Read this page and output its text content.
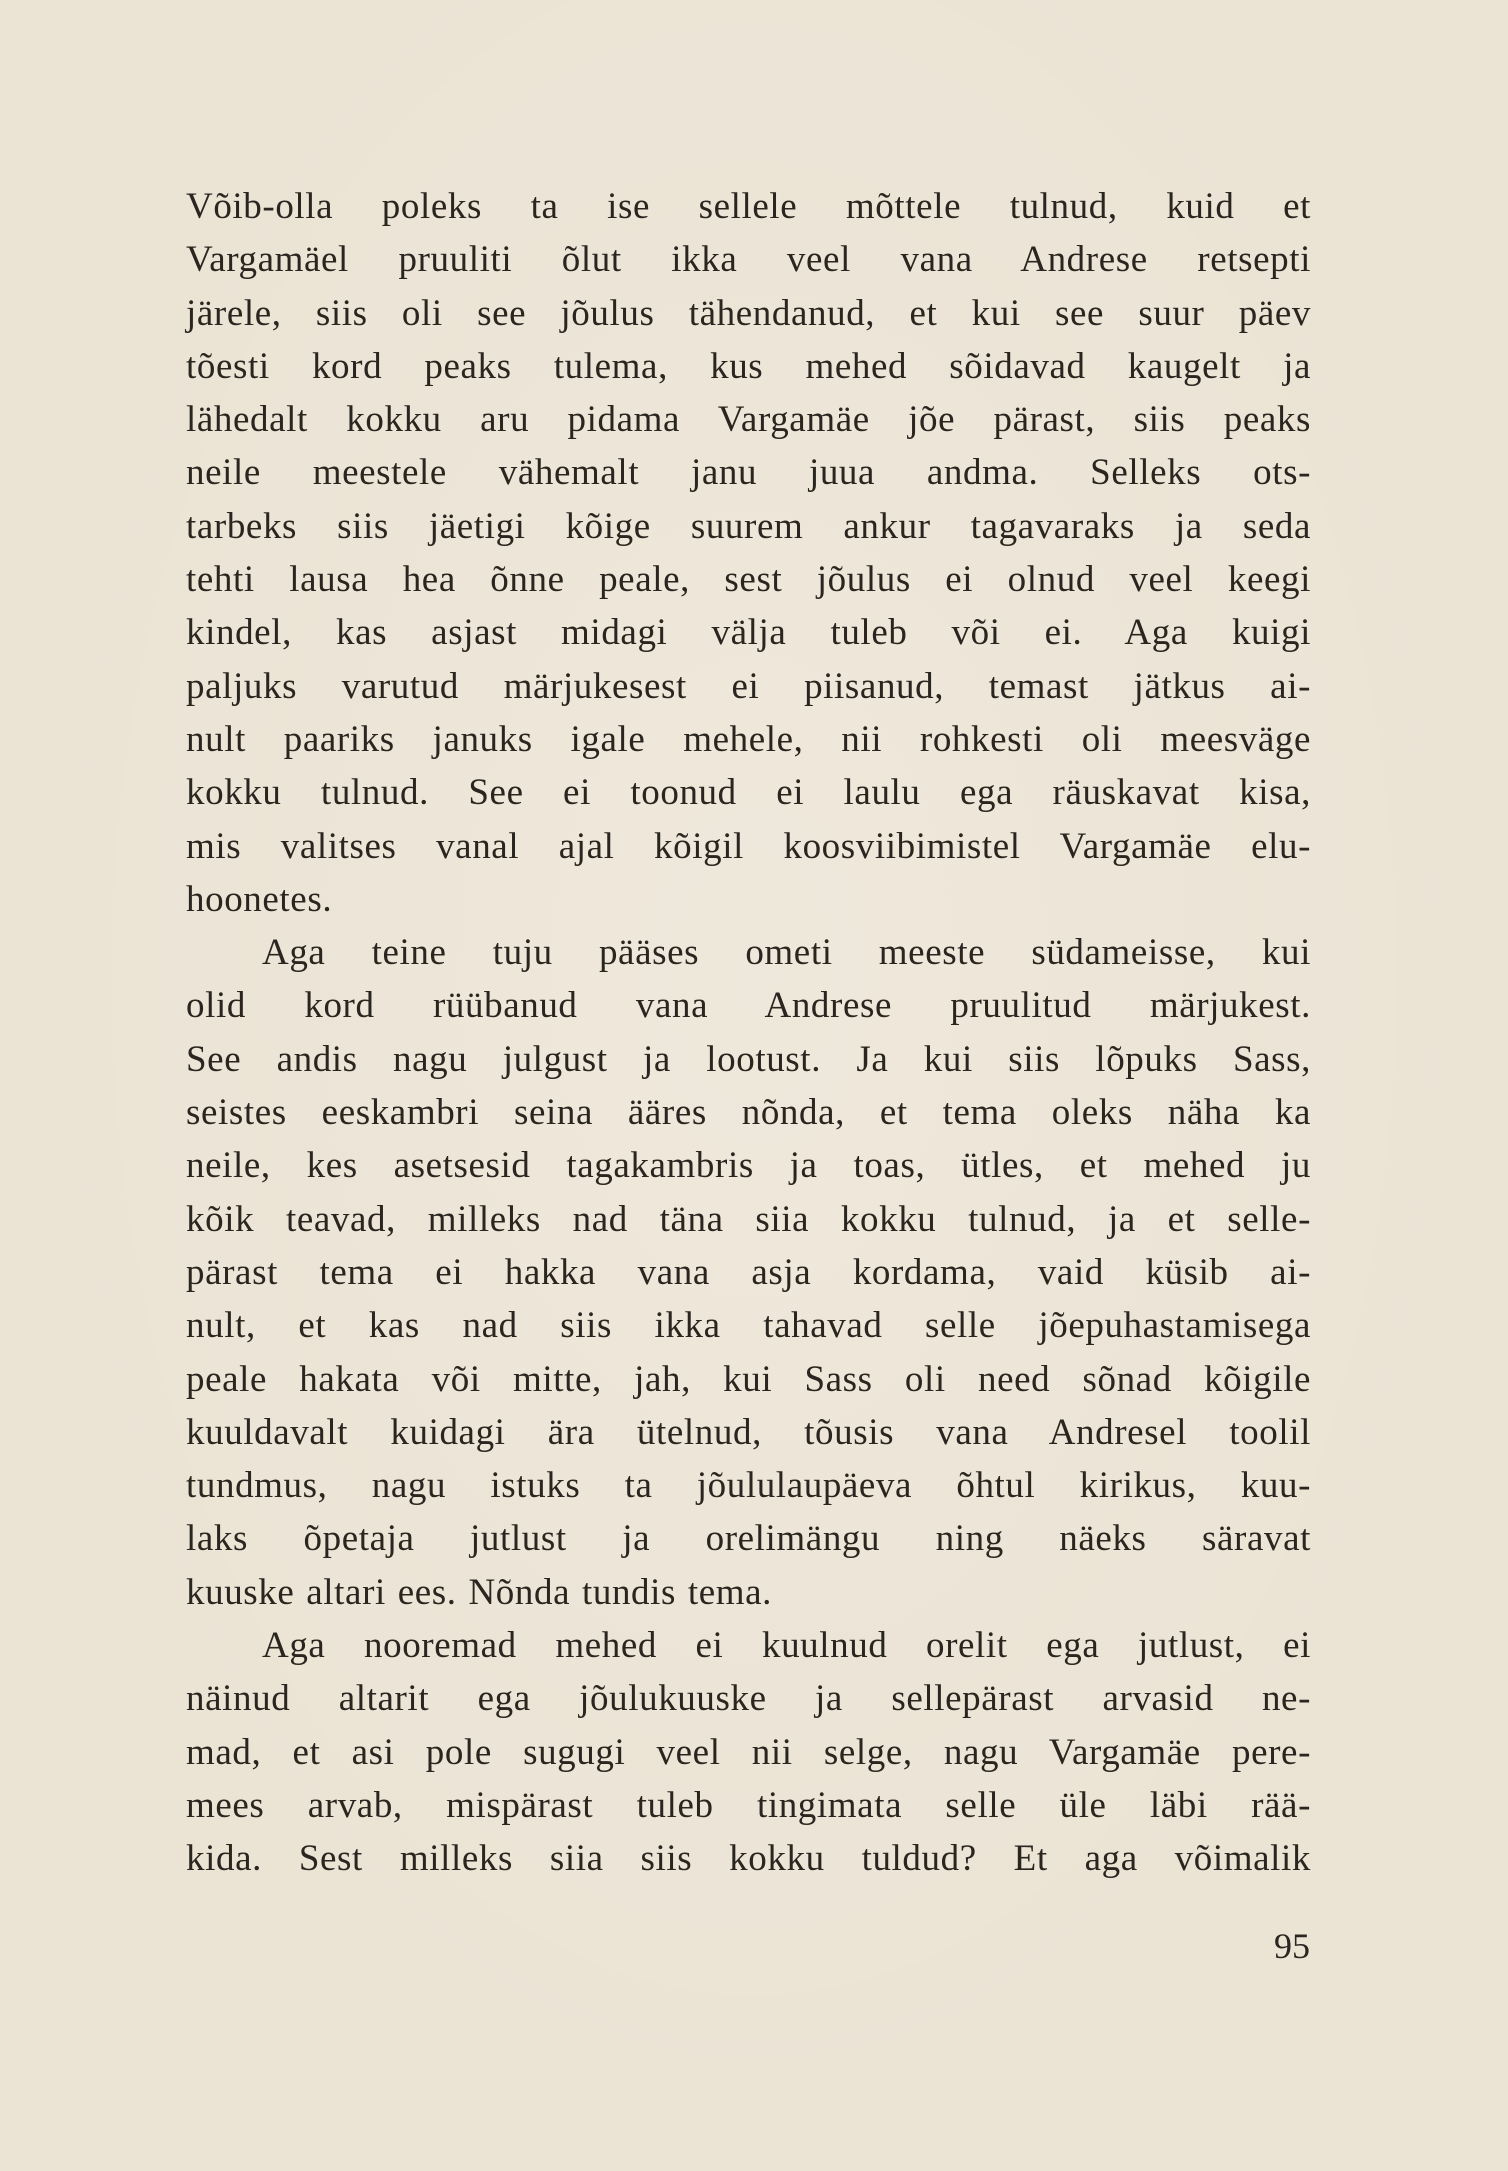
Võib-olla poleks ta ise sellele mõttele tulnud, kuid et
Vargamäel pruuliti õlut ikka veel vana Andrese retsepti
järele, siis oli see jõulus tähendanud, et kui see suur päev
tõesti kord peaks tulema, kus mehed sõidavad kaugelt ja
lähedalt kokku aru pidama Vargamäe jõe pärast, siis peaks
neile meestele vähemalt janu juua andma. Selleks ots-
tarbeks siis jäetigi kõige suurem ankur tagavaraks ja seda
tehti lausa hea õnne peale, sest jõulus ei olnud veel keegi
kindel, kas asjast midagi välja tuleb või ei. Aga kuigi
paljuks varutud märjukesest ei piisanud, temast jätkus ai-
nult paariks januks igale mehele, nii rohkesti oli meesväge
kokku tulnud. See ei toonud ei laulu ega räuskavat kisa,
mis valitses vanal ajal kõigil koosviibimistel Vargamäe elu-
hoonetes.
Aga teine tuju pääses ometi meeste südameisse, kui
olid kord rüübanud vana Andrese pruulitud märjukest.
See andis nagu julgust ja lootust. Ja kui siis lõpuks Sass,
seistes eeskambri seina ääres nõnda, et tema oleks näha ka
neile, kes asetsesid tagakambris ja toas, ütles, et mehed ju
kõik teavad, milleks nad täna siia kokku tulnud, ja et selle-
pärast tema ei hakka vana asja kordama, vaid küsib ai-
nult, et kas nad siis ikka tahavad selle jõepuhastamisega
peale hakata või mitte, jah, kui Sass oli need sõnad kõigile
kuuldavalt kuidagi ära ütelnud, tõusis vana Andresel toolil
tundmus, nagu istuks ta jõululaupäeva õhtul kirikus, kuu-
laks õpetaja jutlust ja orelimängu ning näeks säravat
kuuske altari ees. Nõnda tundis tema.
Aga nooremad mehed ei kuulnud orelit ega jutlust, ei
näinud altarit ega jõulukuuske ja sellepärast arvasid ne-
mad, et asi pole sugugi veel nii selge, nagu Vargamäe pere-
mees arvab, mispärast tuleb tingimata selle üle läbi rää-
kida. Sest milleks siia siis kokku tuldud? Et aga võimalik
95
